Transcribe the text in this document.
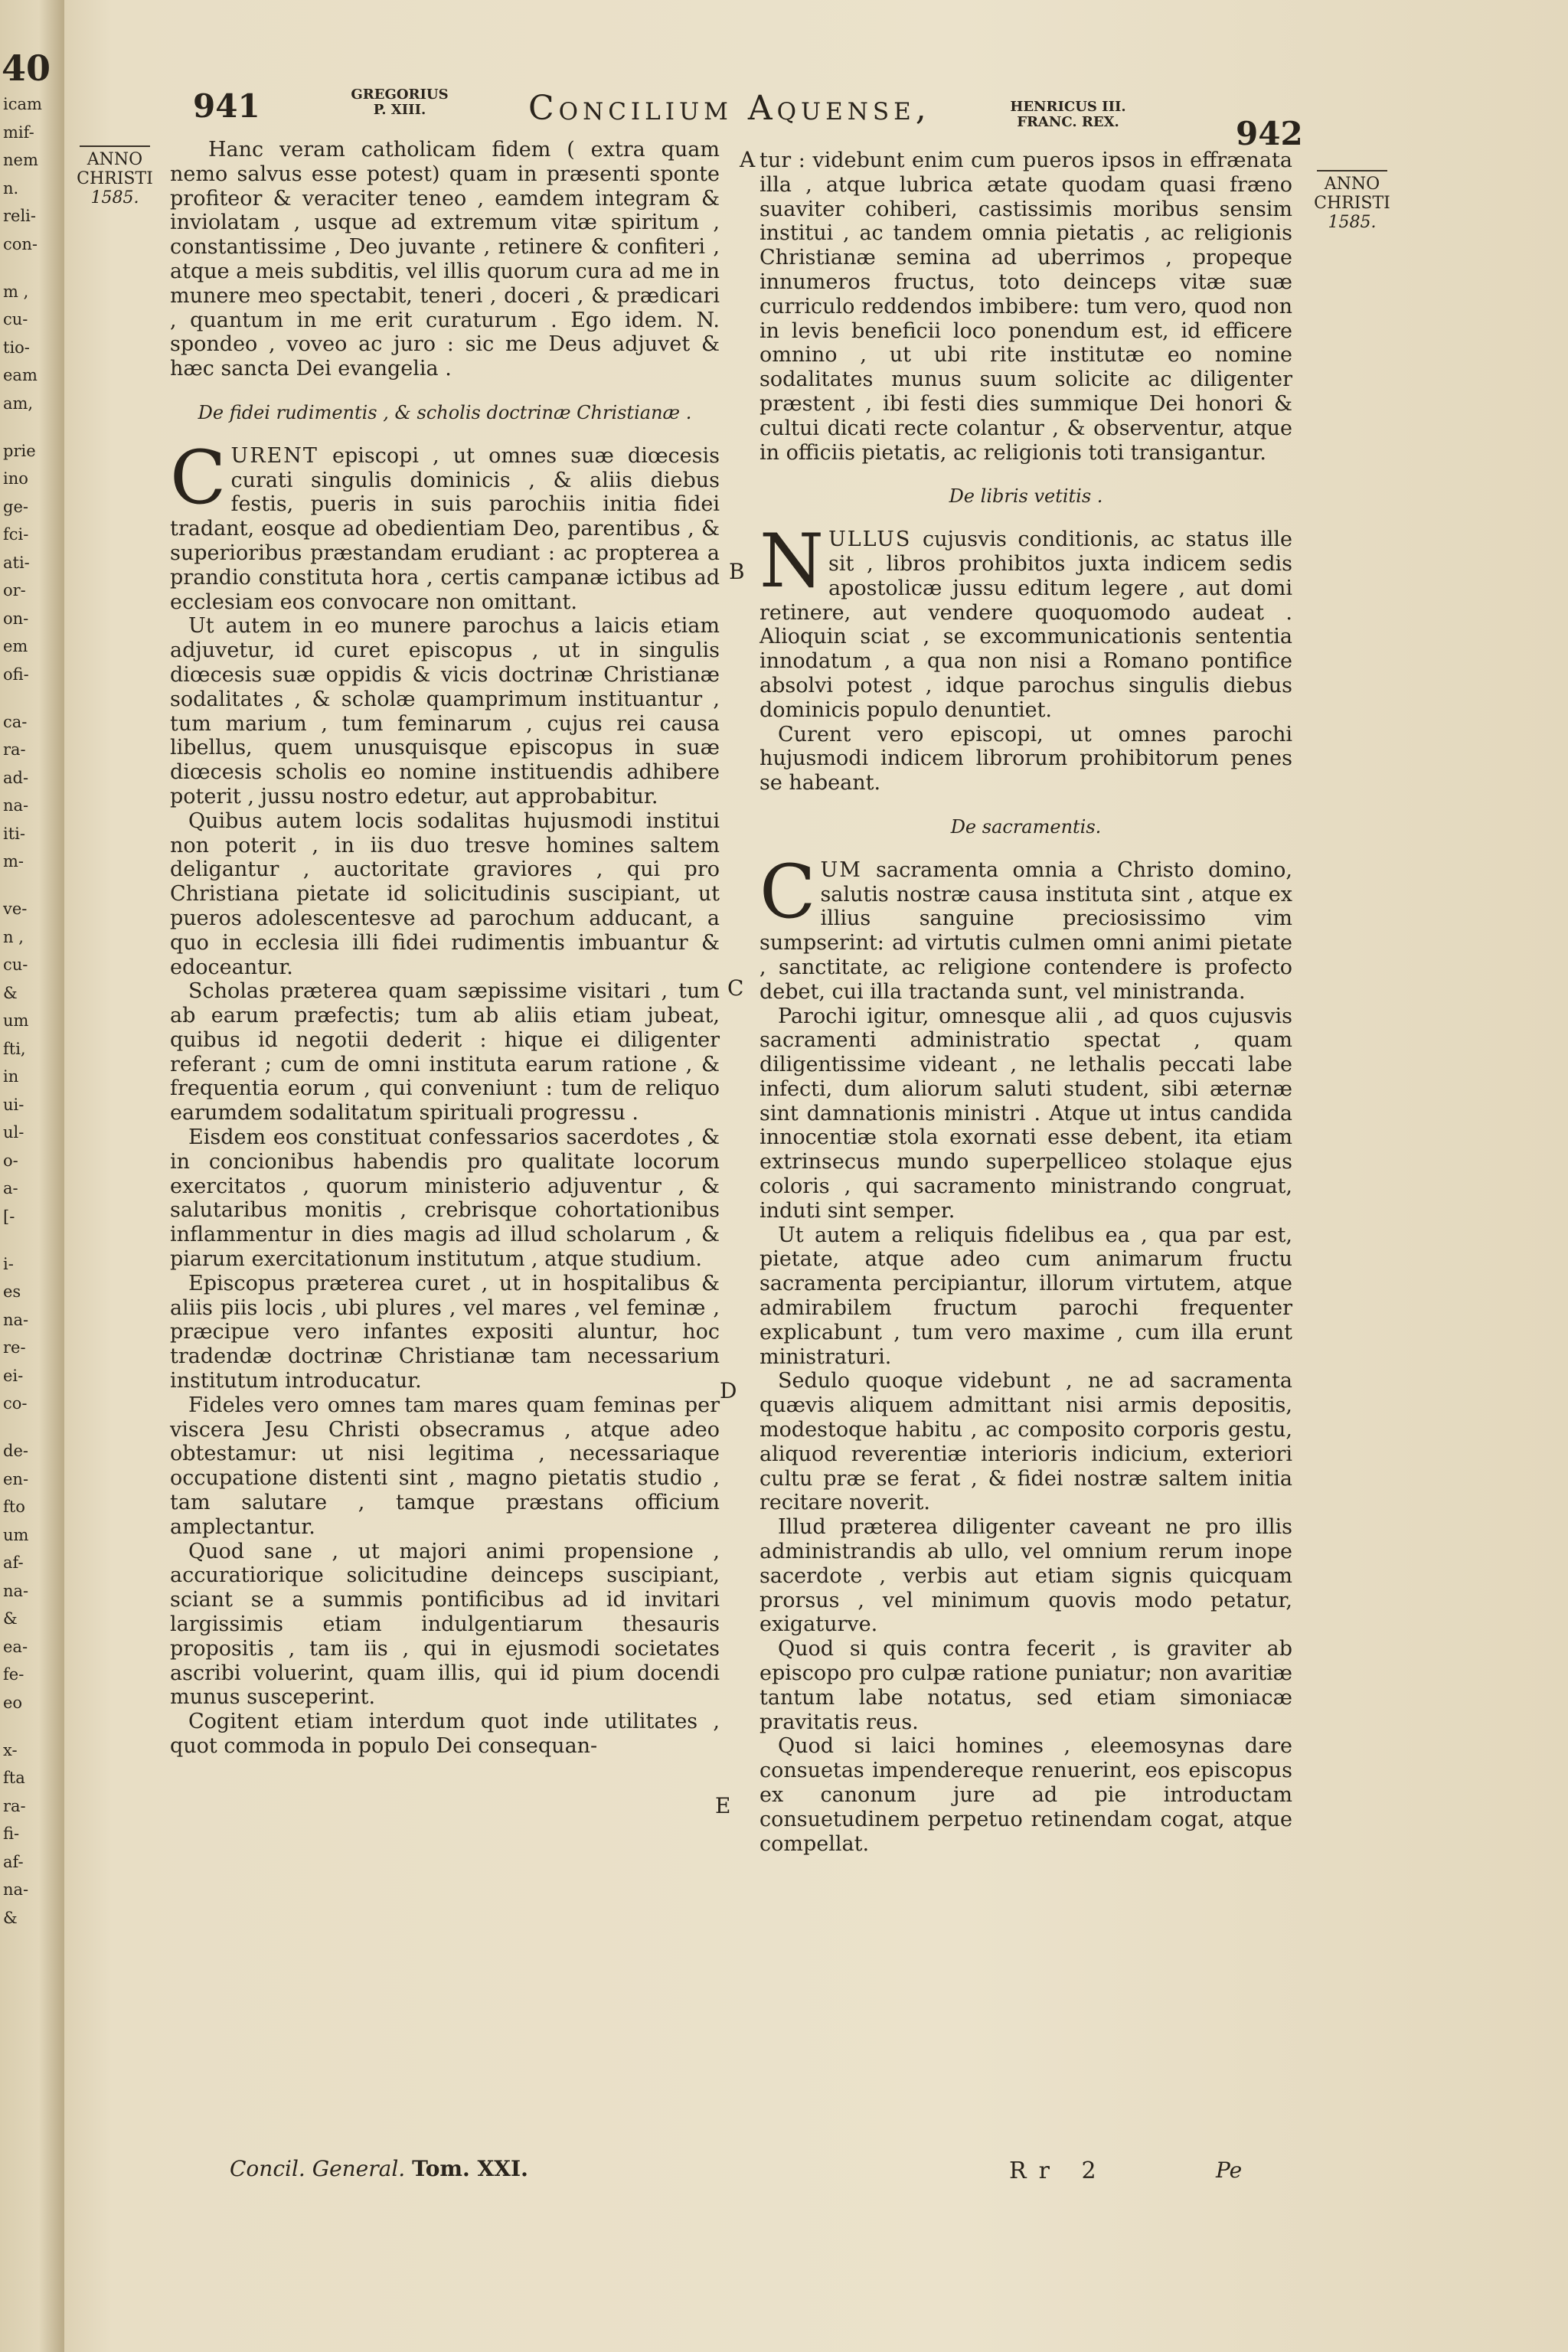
40
icam
mif-
nem
n.
reli-
con-
m ,
cu-
tio-
eam
am,
prie
ino
ge-
fci-
ati-
or-
on-
em
ofi-
ca-
ra-
ad-
na-
iti-
m-
ve-
n ,
cu-
&
um
fti,
in
ui-
ul-
o-
a-
[-
i-
es
na-
re-
ei-
co-
de-
en-
fto
um
af-
na-
&
ea-
fe-
eo
x-
fta
ra-
fi-
af-
na-
&
941	GREGORIUS
P. XIII.	Concilium Aquense,	HENRICUS III.
FRANC. REX.	942
ANNO
CHRISTI
1585.
ANNO
CHRISTI
1585.
A
B
C
D
E

Hanc veram catholicam fidem ( extra quam nemo salvus esse potest) quam in præsenti sponte profiteor & veraciter teneo , eamdem integram & inviolatam , usque ad extremum vitæ spiritum , constantissime , Deo juvante , retinere & confiteri , atque a meis subditis, vel illis quorum cura ad me in munere meo spectabit, teneri , doceri , & prædicari , quantum in me erit curaturum . Ego idem. N. spondeo , voveo ac juro : sic me Deus adjuvet & hæc sancta Dei evangelia .

De fidei rudimentis , & scholis doctrinæ Christianæ .

CURENT episcopi , ut omnes suæ diœcesis curati singulis dominicis , & aliis diebus festis, pueris in suis parochiis initia fidei tradant, eosque ad obedientiam Deo, parentibus , & superioribus præstandam erudiant : ac propterea a prandio constituta hora , certis campanæ ictibus ad ecclesiam eos convocare non omittant.

Ut autem in eo munere parochus a laicis etiam adjuvetur, id curet episcopus , ut in singulis diœcesis suæ oppidis & vicis doctrinæ Christianæ sodalitates , & scholæ quamprimum instituantur , tum marium , tum feminarum , cujus rei causa libellus, quem unusquisque episcopus in suæ diœcesis scholis eo nomine instituendis adhibere poterit , jussu nostro edetur, aut approbabitur.

Quibus autem locis sodalitas hujusmodi institui non poterit , in iis duo tresve homines saltem deligantur , auctoritate graviores , qui pro Christiana pietate id solicitudinis suscipiant, ut pueros adolescentesve ad parochum adducant, a quo in ecclesia illi fidei rudimentis imbuantur & edoceantur.

Scholas præterea quam sæpissime visitari , tum ab earum præfectis; tum ab aliis etiam jubeat, quibus id negotii dederit : hique ei diligenter referant ; cum de omni instituta earum ratione , & frequentia eorum , qui conveniunt : tum de reliquo earumdem sodalitatum spirituali progressu .

Eisdem eos constituat confessarios sacerdotes , & in concionibus habendis pro qualitate locorum exercitatos , quorum ministerio adjuventur , & salutaribus monitis , crebrisque cohortationibus inflammentur in dies magis ad illud scholarum , & piarum exercitationum institutum , atque studium.

Episcopus præterea curet , ut in hospitalibus & aliis piis locis , ubi plures , vel mares , vel feminæ , præcipue vero infantes expositi aluntur, hoc tradendæ doctrinæ Christianæ tam necessarium institutum introducatur.

Fideles vero omnes tam mares quam feminas per viscera Jesu Christi obsecramus , atque adeo obtestamur: ut nisi legitima , necessariaque occupatione distenti sint , magno pietatis studio , tam salutare , tamque præstans officium amplectantur.

Quod sane , ut majori animi propensione , accuratiorique solicitudine deinceps suscipiant, sciant se a summis pontificibus ad id invitari largissimis etiam indulgentiarum thesauris propositis , tam iis , qui in ejusmodi societates ascribi voluerint, quam illis, qui id pium docendi munus susceperint.

Cogitent etiam interdum quot inde utilitates , quot commoda in populo Dei consequan-

tur : videbunt enim cum pueros ipsos in effrænata illa , atque lubrica ætate quodam quasi fræno suaviter cohiberi, castissimis moribus sensim institui , ac tandem omnia pietatis , ac religionis Christianæ semina ad uberrimos , propeque innumeros fructus, toto deinceps vitæ suæ curriculo reddendos imbibere: tum vero, quod non in levis beneficii loco ponendum est, id efficere omnino , ut ubi rite institutæ eo nomine sodalitates munus suum solicite ac diligenter præstent , ibi festi dies summique Dei honori & cultui dicati recte colantur , & observentur, atque in officiis pietatis, ac religionis toti transigantur.

De libris vetitis .

NULLUS cujusvis conditionis, ac status ille sit , libros prohibitos juxta indicem sedis apostolicæ jussu editum legere , aut domi retinere, aut vendere quoquomodo audeat . Alioquin sciat , se excommunicationis sententia innodatum , a qua non nisi a Romano pontifice absolvi potest , idque parochus singulis diebus dominicis populo denuntiet.

Curent vero episcopi, ut omnes parochi hujusmodi indicem librorum prohibitorum penes se habeant.

De sacramentis.

CUM sacramenta omnia a Christo domino, salutis nostræ causa instituta sint , atque ex illius sanguine preciosissimo vim sumpserint: ad virtutis culmen omni animi pietate , sanctitate, ac religione contendere is profecto debet, cui illa tractanda sunt, vel ministranda.

Parochi igitur, omnesque alii , ad quos cujusvis sacramenti administratio spectat , quam diligentissime videant , ne lethalis peccati labe infecti, dum aliorum saluti student, sibi æternæ sint damnationis ministri . Atque ut intus candida innocentiæ stola exornati esse debent, ita etiam extrinsecus mundo superpelliceo stolaque ejus coloris , qui sacramento ministrando congruat, induti sint semper.

Ut autem a reliquis fidelibus ea , qua par est, pietate, atque adeo cum animarum fructu sacramenta percipiantur, illorum virtutem, atque admirabilem fructum parochi frequenter explicabunt , tum vero maxime , cum illa erunt ministraturi.

Sedulo quoque videbunt , ne ad sacramenta quævis aliquem admittant nisi armis depositis, modestoque habitu , ac composito corporis gestu, aliquod reverentiæ interioris indicium, exteriori cultu præ se ferat , & fidei nostræ saltem initia recitare noverit.

Illud præterea diligenter caveant ne pro illis administrandis ab ullo, vel omnium rerum inope sacerdote , verbis aut etiam signis quicquam prorsus , vel minimum quovis modo petatur, exigaturve.

Quod si quis contra fecerit , is graviter ab episcopo pro culpæ ratione puniatur; non avaritiæ tantum labe notatus, sed etiam simoniacæ pravitatis reus.

Quod si laici homines , eleemosynas dare consuetas impendereque renuerint, eos episcopus ex canonum jure ad pie introductam consuetudinem perpetuo retinendam cogat, atque compellat.

Concil. General. Tom. XXI.	Rr 2	Pe
